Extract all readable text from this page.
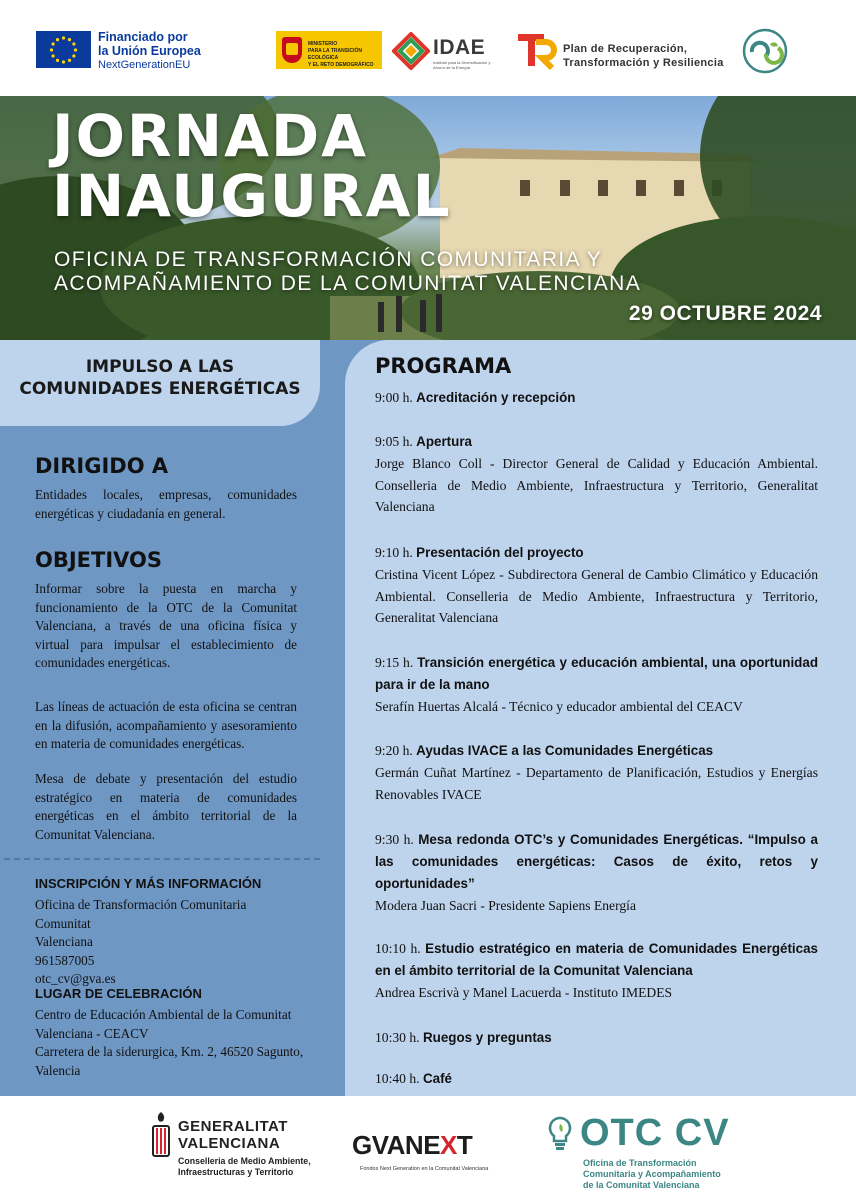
Financiado por
la Unión Europea
NextGenerationEU
MINISTERIO
PARA LA TRANSICIÓN ECOLÓGICA
Y EL RETO DEMOGRÁFICO
IDAE
Instituto para la Diversificación y Ahorro de la Energía
Plan de Recuperación,
Transformación y Resiliencia
JORNADA
INAUGURAL
OFICINA DE TRANSFORMACIÓN COMUNITARIA Y
ACOMPAÑAMIENTO DE LA COMUNITAT VALENCIANA
29 OCTUBRE 2024
IMPULSO A LAS
COMUNIDADES ENERGÉTICAS
DIRIGIDO A
Entidades locales, empresas, comunidades energéticas y ciudadanía en general.
OBJETIVOS
Informar sobre la puesta en marcha y funcionamiento de la OTC de la Comunitat Valenciana, a través de una oficina física y virtual para impulsar el establecimiento de comunidades energéticas.
Las líneas de actuación de esta oficina se centran en la difusión, acompañamiento y asesoramiento en materia de comunidades energéticas.
Mesa de debate y presentación del estudio estratégico en materia de comunidades energéticas en el ámbito territorial de la Comunitat Valenciana.
INSCRIPCIÓN Y MÁS INFORMACIÓN
Oficina de Transformación Comunitaria Comunitat
Valenciana
961587005
otc_cv@gva.es
LUGAR DE CELEBRACIÓN
Centro de Educación Ambiental de la Comunitat
Valenciana - CEACV
Carretera de la siderurgica, Km. 2, 46520 Sagunto,
Valencia
PROGRAMA
9:00 h. Acreditación y recepción
9:05 h. Apertura
Jorge Blanco Coll - Director General de Calidad y Educación Ambiental. Conselleria de Medio Ambiente, Infraestructura y Territorio, Generalitat Valenciana
9:10 h. Presentación del proyecto
Cristina Vicent López - Subdirectora General de Cambio Climático y Educación Ambiental. Conselleria de Medio Ambiente, Infraestructura y Territorio, Generalitat Valenciana
9:15 h. Transición energética y educación ambiental, una oportunidad para ir de la mano
Serafín Huertas Alcalá - Técnico y educador ambiental del CEACV
9:20 h. Ayudas IVACE a las Comunidades Energéticas
Germán Cuñat Martínez - Departamento de Planificación, Estudios y Energías Renovables IVACE
9:30 h. Mesa redonda OTC’s y Comunidades Energéticas. “Impulso a las comunidades energéticas: Casos de éxito, retos y oportunidades”
Modera Juan Sacri - Presidente Sapiens Energía
10:10 h. Estudio estratégico en materia de Comunidades Energéticas en el ámbito territorial de la Comunitat Valenciana
Andrea Escrivà y Manel Lacuerda - Instituto IMEDES
10:30 h. Ruegos y preguntas
10:40 h. Café
GENERALITAT
VALENCIANA
Conselleria de Medio Ambiente,
Infraestructuras y Territorio
GVANEXT
Fondos Next Generation en la Comunitat Valenciana
OTC CV
Oficina de Transformación
Comunitaria y Acompañamiento
de la Comunitat Valenciana
